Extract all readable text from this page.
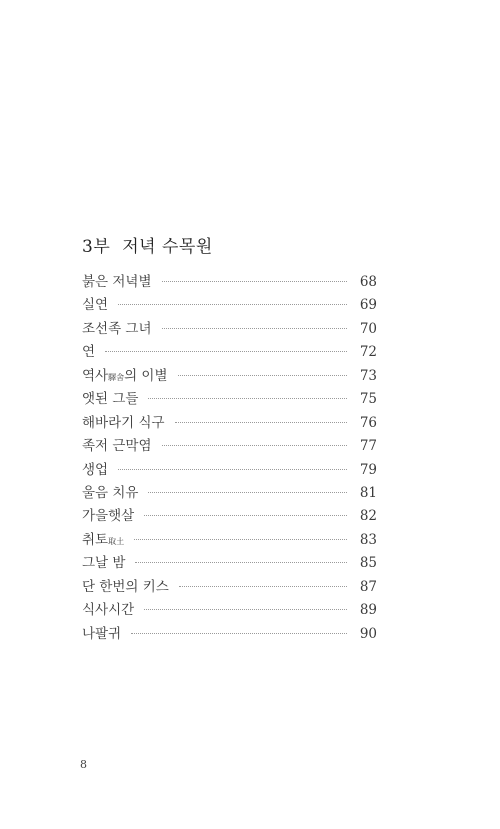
3부 저녁 수목원
붉은 저녁별	68
실연	69
조선족 그녀	70
연	72
역사驛舍의 이별	73
앳된 그들	75
해바라기 식구	76
족저 근막염	77
생업	79
울음 치유	81
가을햇살	82
취토取土	83
그날 밤	85
단 한번의 키스	87
식사시간	89
나팔귀	90
8
